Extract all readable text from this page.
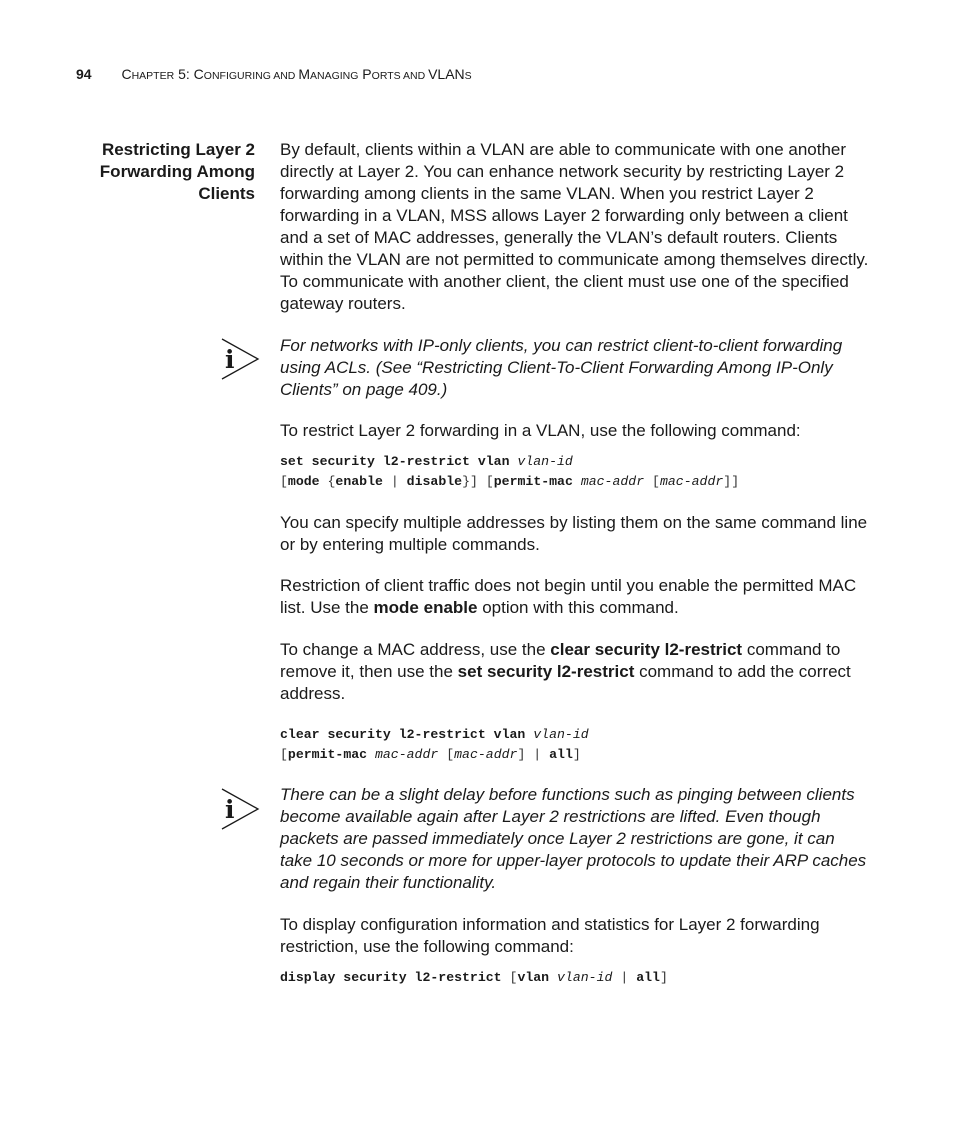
94 CHAPTER 5: CONFIGURING AND MANAGING PORTS AND VLANS
Restricting Layer 2
Forwarding Among
Clients

By default, clients within a VLAN are able to communicate with one another directly at Layer 2. You can enhance network security by restricting Layer 2 forwarding among clients in the same VLAN. When you restrict Layer 2 forwarding in a VLAN, MSS allows Layer 2 forwarding only between a client and a set of MAC addresses, generally the VLAN’s default routers. Clients within the VLAN are not permitted to communicate among themselves directly. To communicate with another client, the client must use one of the specified gateway routers.

i	For networks with IP-only clients, you can restrict client-to-client forwarding using ACLs. (See “Restricting Client-To-Client Forwarding Among IP-Only Clients” on page 409.)

To restrict Layer 2 forwarding in a VLAN, use the following command:

set security l2-restrict vlan vlan-id
[mode {enable | disable}] [permit-mac mac-addr [mac-addr]]

You can specify multiple addresses by listing them on the same command line or by entering multiple commands.

Restriction of client traffic does not begin until you enable the permitted MAC list. Use the mode enable option with this command.

To change a MAC address, use the clear security l2-restrict command to remove it, then use the set security l2-restrict command to add the correct address.

clear security l2-restrict vlan vlan-id
[permit-mac mac-addr [mac-addr] | all]
i

There can be a slight delay before functions such as pinging between clients become available again after Layer 2 restrictions are lifted. Even though packets are passed immediately once Layer 2 restrictions are gone, it can take 10 seconds or more for upper-layer protocols to update their ARP caches and regain their functionality.

To display configuration information and statistics for Layer 2 forwarding restriction, use the following command:

display security l2-restrict [vlan vlan-id | all]
